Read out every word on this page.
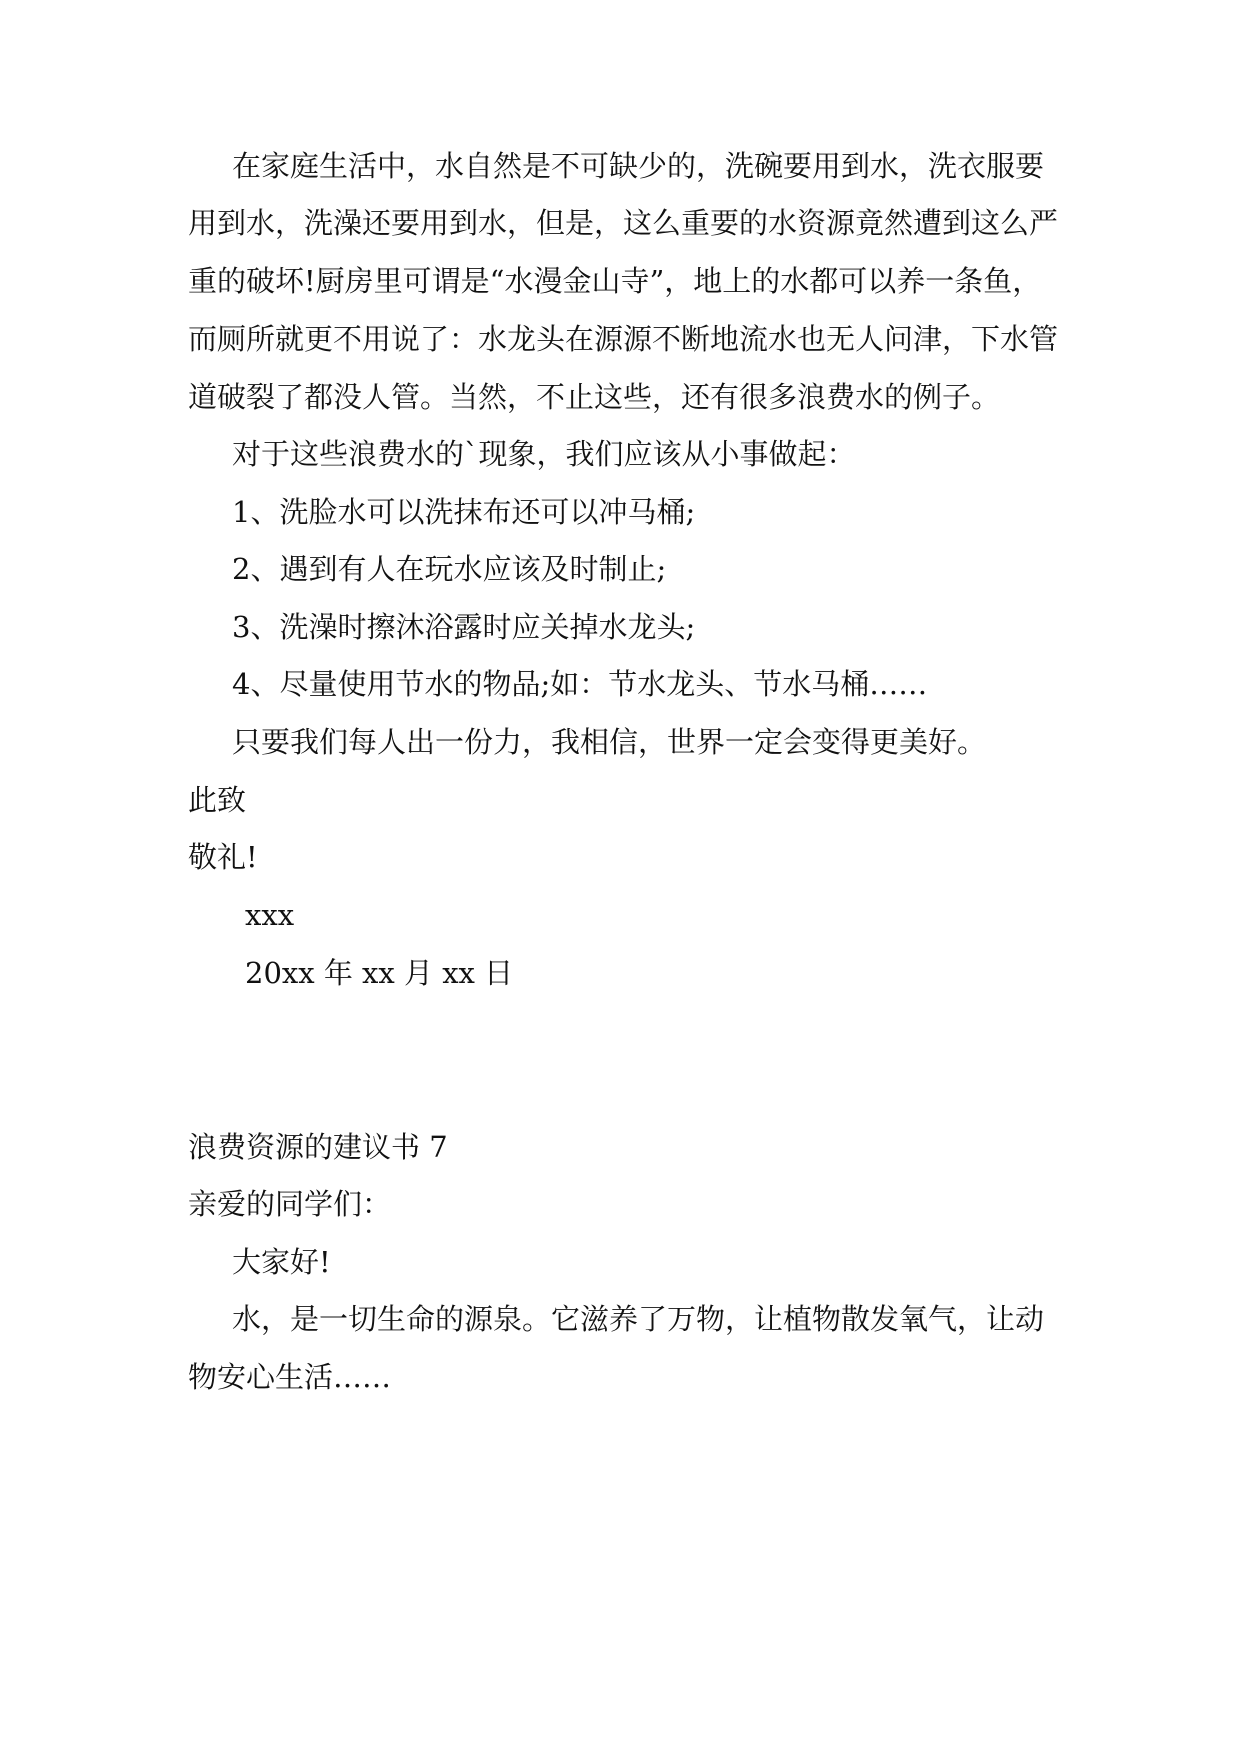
在家庭生活中，水自然是不可缺少的，洗碗要用到水，洗衣服要
用到水，洗澡还要用到水，但是，这么重要的水资源竟然遭到这么严
重的破坏!厨房里可谓是“水漫金山寺”，地上的水都可以养一条鱼，
而厕所就更不用说了：水龙头在源源不断地流水也无人问津，下水管
道破裂了都没人管。当然，不止这些，还有很多浪费水的例子。
对于这些浪费水的`现象，我们应该从小事做起：
1、洗脸水可以洗抹布还可以冲马桶;
2、遇到有人在玩水应该及时制止;
3、洗澡时擦沐浴露时应关掉水龙头;
4、尽量使用节水的物品;如：节水龙头、节水马桶……
只要我们每人出一份力，我相信，世界一定会变得更美好。
此致
敬礼!
xxx
20xx 年 xx 月 xx 日
浪费资源的建议书 7
亲爱的同学们：
大家好!
水，是一切生命的源泉。它滋养了万物，让植物散发氧气，让动
物安心生活……
